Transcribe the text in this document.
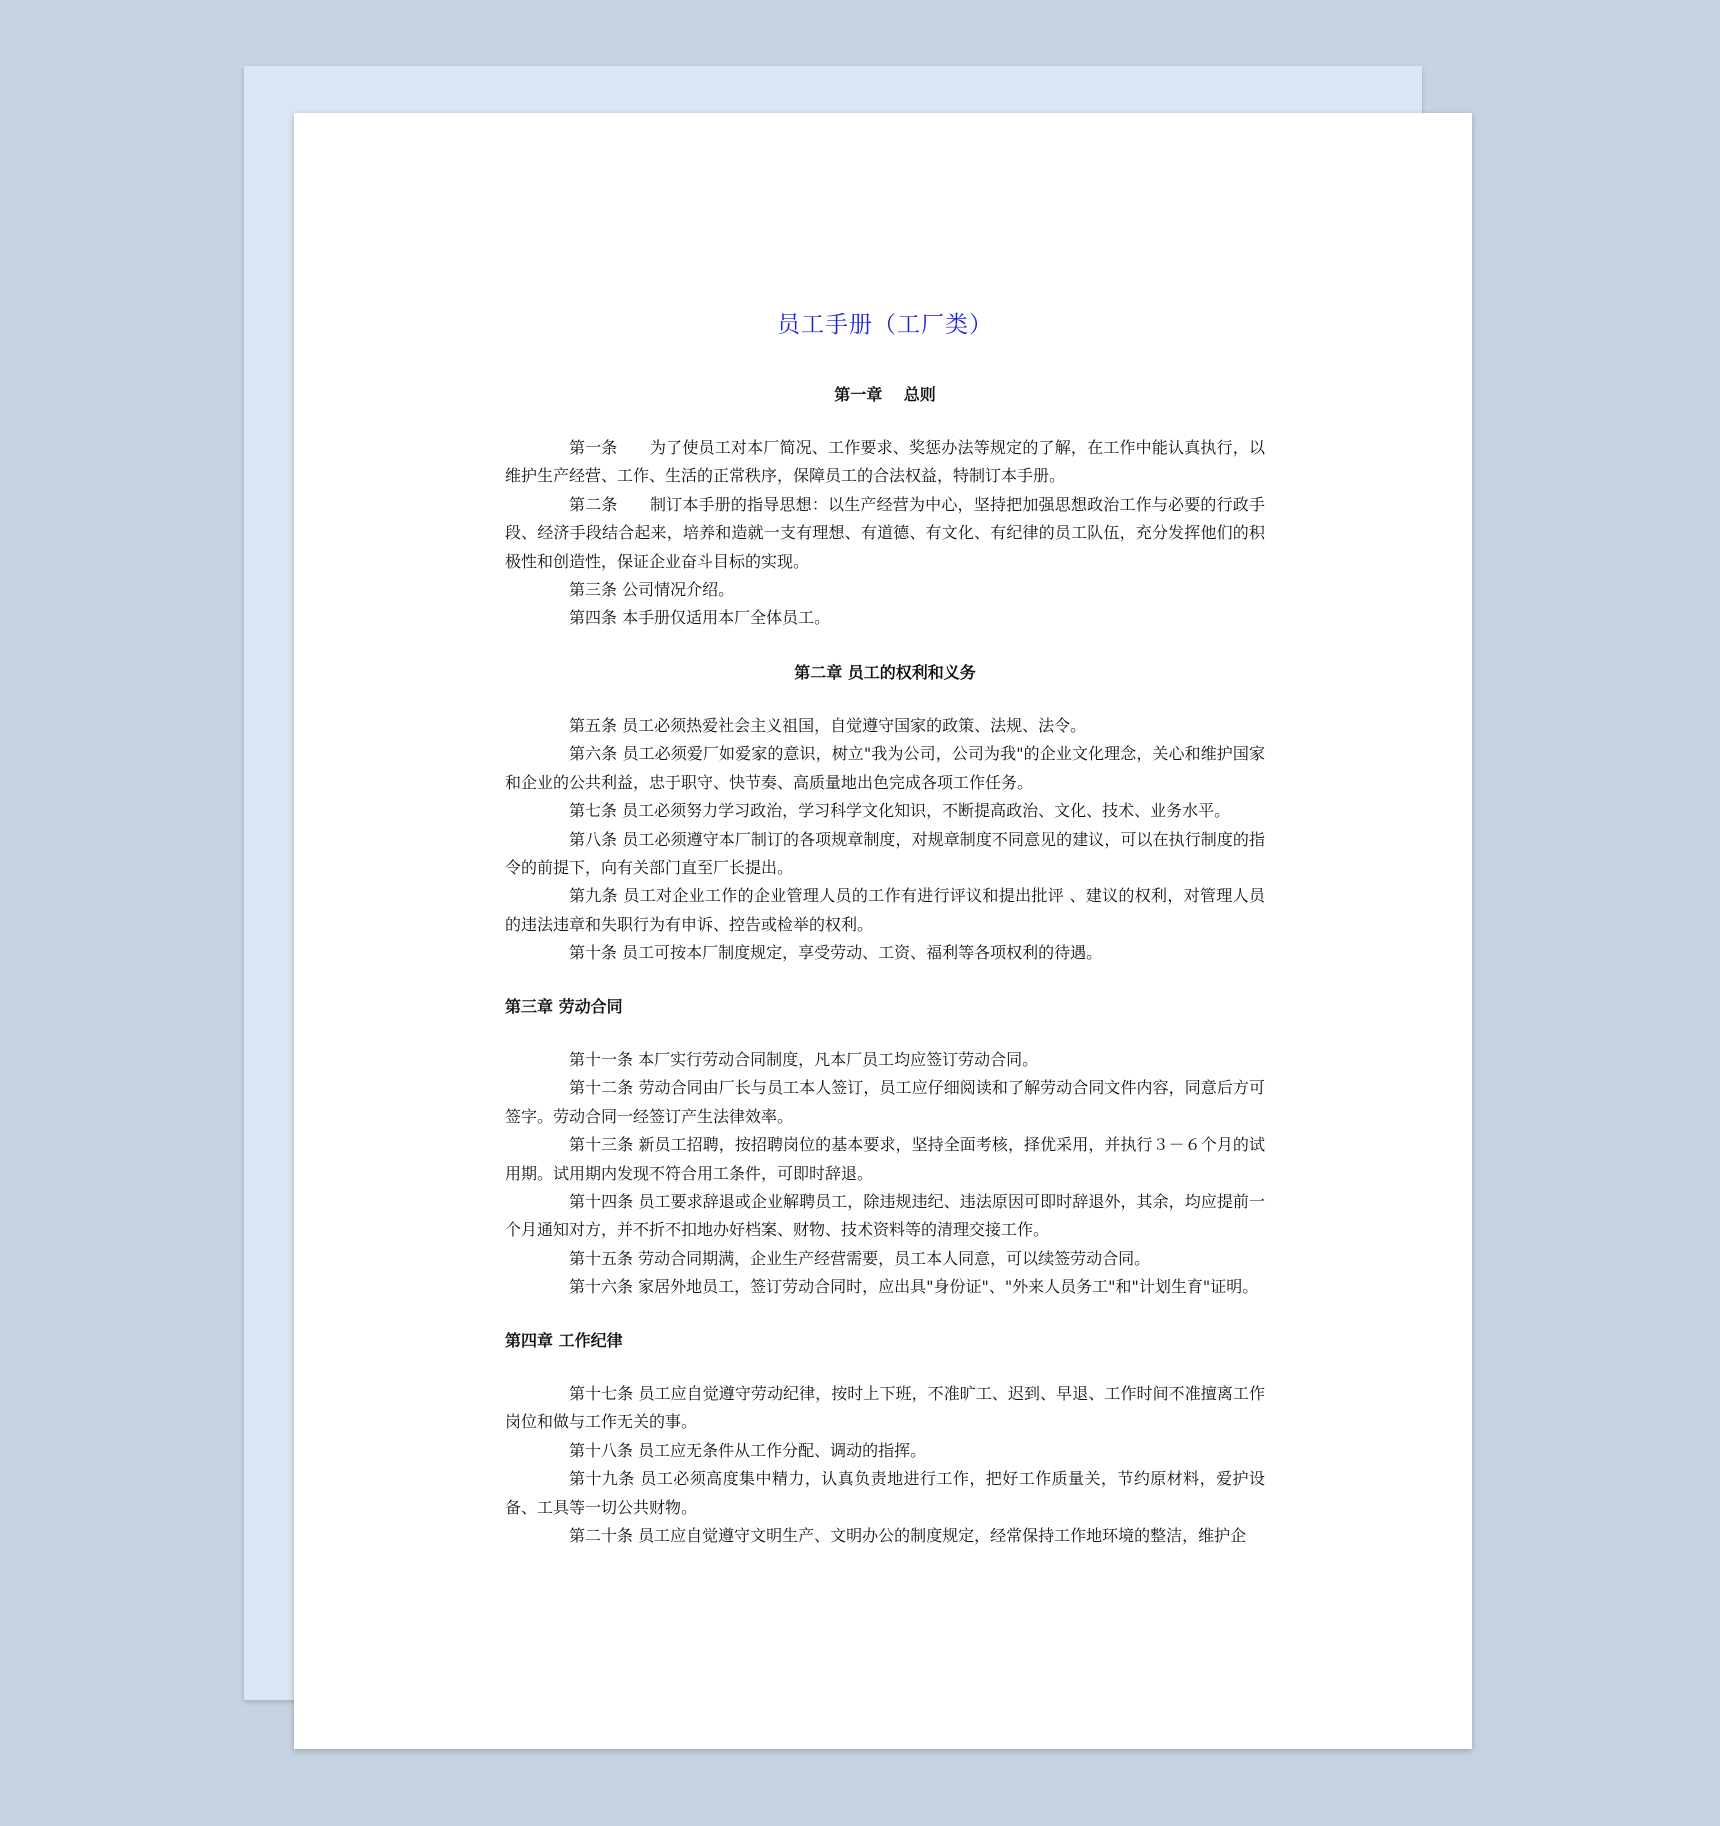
员工手册（工厂类）
第一章　 总则

第一条　　为了使员工对本厂简况、工作要求、奖惩办法等规定的了解，在工作中能认真执行，以维护生产经营、工作、生活的正常秩序，保障员工的合法权益，特制订本手册。

第二条　　制订本手册的指导思想：以生产经营为中心，坚持把加强思想政治工作与必要的行政手段、经济手段结合起来，培养和造就一支有理想、有道德、有文化、有纪律的员工队伍，充分发挥他们的积极性和创造性，保证企业奋斗目标的实现。

第三条 公司情况介绍。

第四条 本手册仅适用本厂全体员工。

第二章 员工的权利和义务

第五条 员工必须热爱社会主义祖国，自觉遵守国家的政策、法规、法令。

第六条 员工必须爱厂如爱家的意识，树立"我为公司，公司为我"的企业文化理念，关心和维护国家和企业的公共利益，忠于职守、快节奏、高质量地出色完成各项工作任务。

第七条 员工必须努力学习政治，学习科学文化知识，不断提高政治、文化、技术、业务水平。

第八条 员工必须遵守本厂制订的各项规章制度，对规章制度不同意见的建议，可以在执行制度的指令的前提下，向有关部门直至厂长提出。

第九条 员工对企业工作的企业管理人员的工作有进行评议和提出批评 、建议的权利，对管理人员的违法违章和失职行为有申诉、控告或检举的权利。

第十条 员工可按本厂制度规定，享受劳动、工资、福利等各项权利的待遇。

第三章 劳动合同

第十一条 本厂实行劳动合同制度，凡本厂员工均应签订劳动合同。

第十二条 劳动合同由厂长与员工本人签订，员工应仔细阅读和了解劳动合同文件内容，同意后方可签字。劳动合同一经签订产生法律效率。

第十三条 新员工招聘，按招聘岗位的基本要求，坚持全面考核，择优采用，并执行３－６个月的试用期。试用期内发现不符合用工条件，可即时辞退。

第十四条 员工要求辞退或企业解聘员工，除违规违纪、违法原因可即时辞退外，其余，均应提前一个月通知对方，并不折不扣地办好档案、财物、技术资料等的清理交接工作。

第十五条 劳动合同期满，企业生产经营需要，员工本人同意，可以续签劳动合同。

第十六条 家居外地员工，签订劳动合同时，应出具"身份证"、"外来人员务工"和"计划生育"证明。

第四章 工作纪律

第十七条 员工应自觉遵守劳动纪律，按时上下班，不准旷工、迟到、早退、工作时间不准擅离工作岗位和做与工作无关的事。

第十八条 员工应无条件从工作分配、调动的指挥。

第十九条 员工必须高度集中精力，认真负责地进行工作，把好工作质量关，节约原材料，爱护设备、工具等一切公共财物。

第二十条 员工应自觉遵守文明生产、文明办公的制度规定，经常保持工作地环境的整洁，维护企
